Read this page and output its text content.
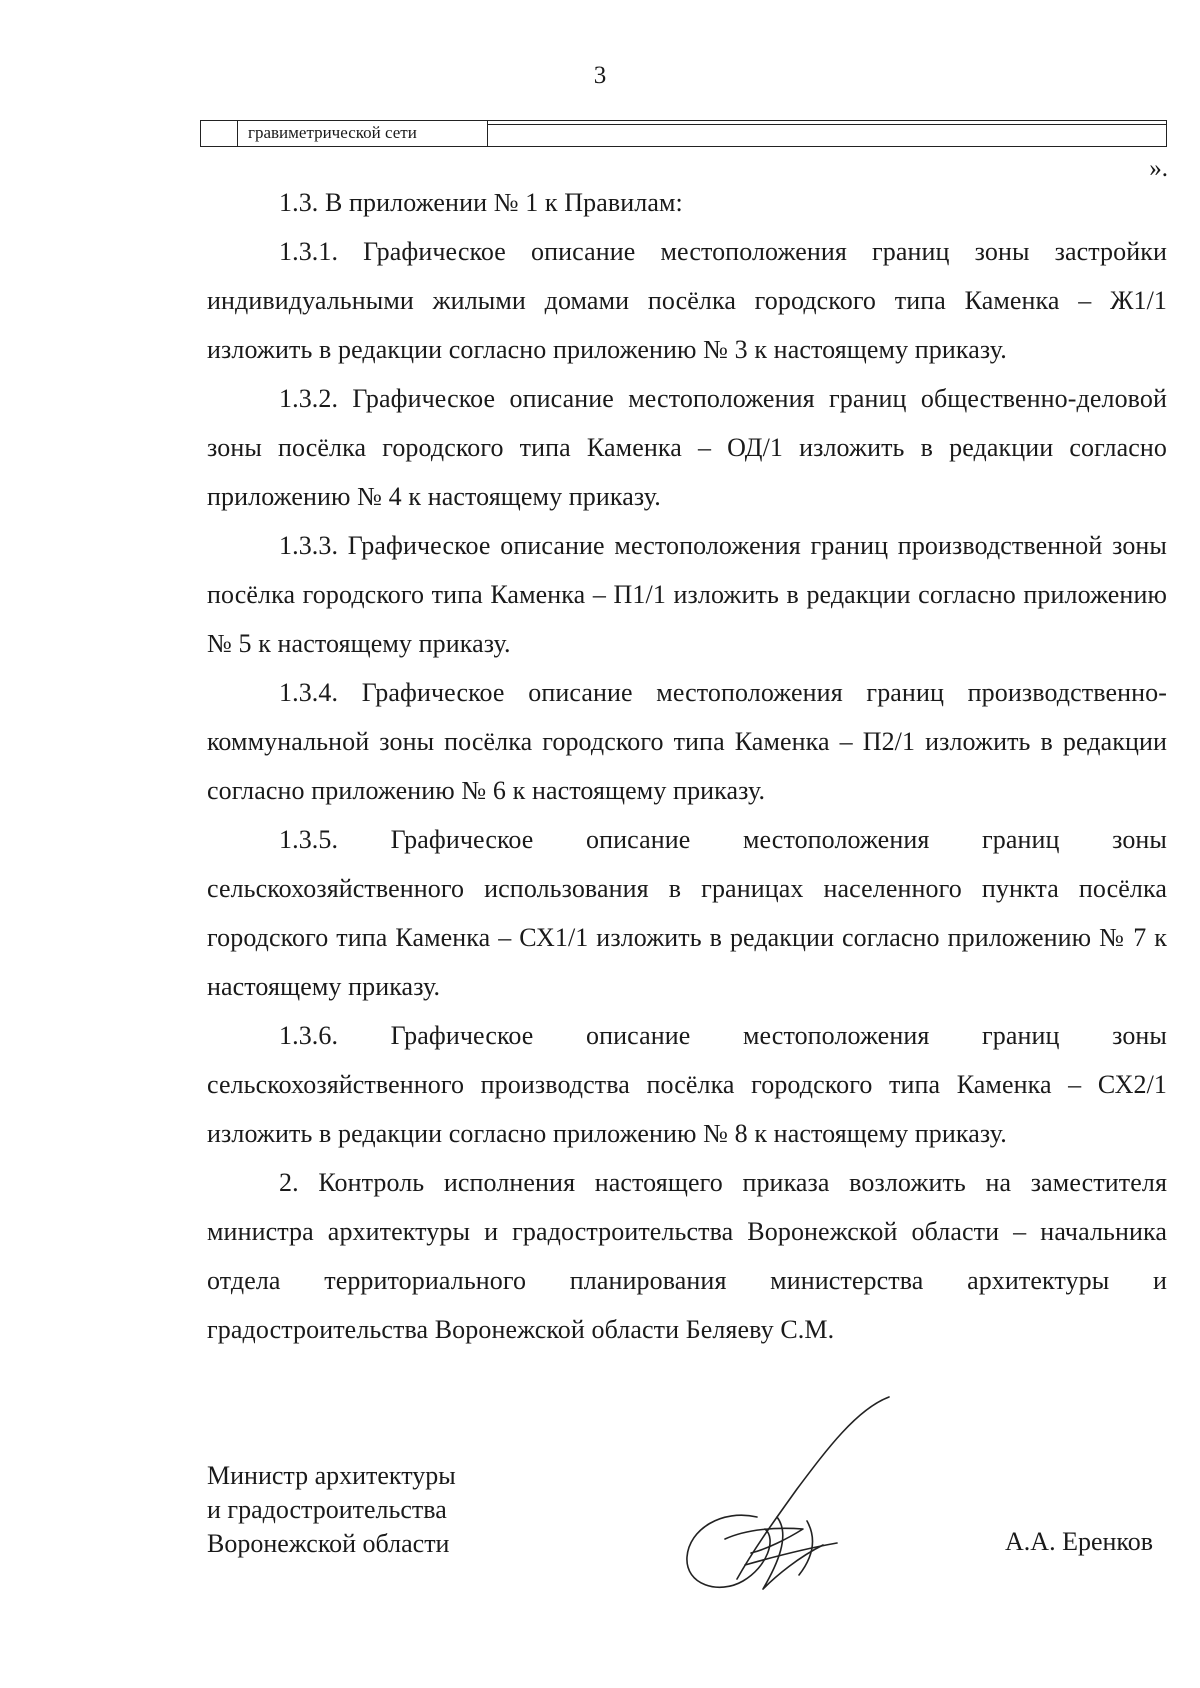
3
гравиметрической сети
».

1.3. В приложении № 1 к Правилам:

1.3.1. Графическое описание местоположения границ зоны застройки индивидуальными жилыми домами посёлка городского типа Каменка – Ж1/1 изложить в редакции согласно приложению № 3 к настоящему приказу.

1.3.2. Графическое описание местоположения границ общественно-деловой зоны посёлка городского типа Каменка – ОД/1 изложить в редакции согласно приложению № 4 к настоящему приказу.

1.3.3. Графическое описание местоположения границ производственной зоны посёлка городского типа Каменка – П1/1 изложить в редакции согласно приложению № 5 к настоящему приказу.

1.3.4. Графическое описание местоположения границ производственно-коммунальной зоны посёлка городского типа Каменка – П2/1 изложить в редакции согласно приложению № 6 к настоящему приказу.

1.3.5. Графическое описание местоположения границ зоны сельскохозяйственного использования в границах населенного пункта посёлка городского типа Каменка – СХ1/1 изложить в редакции согласно приложению № 7 к настоящему приказу.

1.3.6. Графическое описание местоположения границ зоны сельскохозяйственного производства посёлка городского типа Каменка – СХ2/1 изложить в редакции согласно приложению № 8 к настоящему приказу.

2. Контроль исполнения настоящего приказа возложить на заместителя министра архитектуры и градостроительства Воронежской области – начальника отдела территориального планирования министерства архитектуры и градостроительства Воронежской области Беляеву С.М.

Министр архитектуры
и градостроительства
Воронежской области	А.А. Еренков
